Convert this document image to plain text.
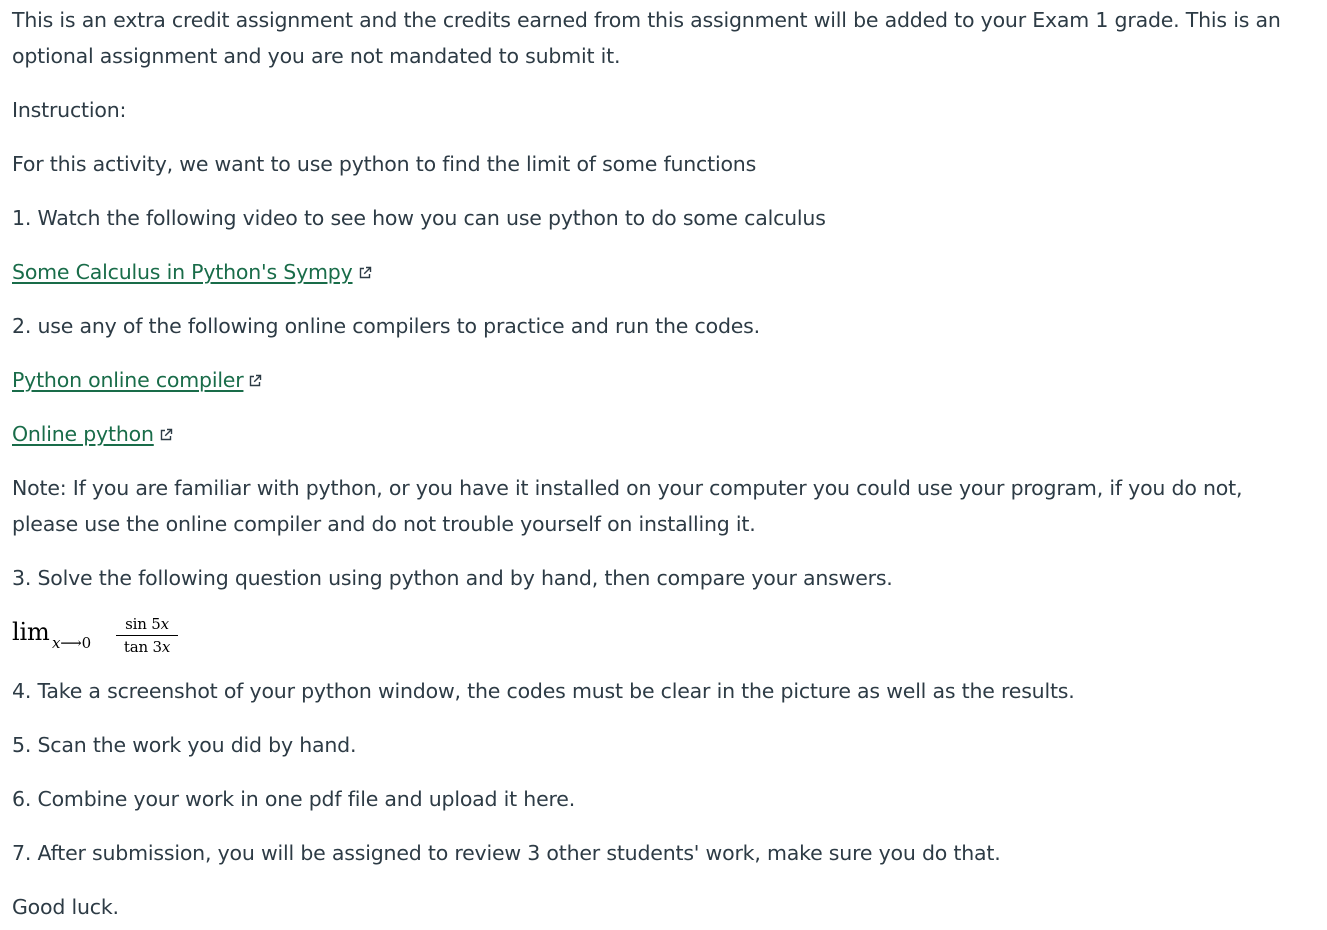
This is an extra credit assignment and the credits earned from this assignment will be added to your Exam 1 grade. This is an
optional assignment and you are not mandated to submit it.
Instruction:
For this activity, we want to use python to find the limit of some functions
1. Watch the following video to see how you can use python to do some calculus
Some Calculus in Python's Sympy
2. use any of the following online compilers to practice and run the codes.
Python online compiler
Online python
Note: If you are familiar with python, or you have it installed on your computer you could use your program, if you do not,
please use the online compiler and do not trouble yourself on installing it.
3. Solve the following question using python and by hand, then compare your answers.
lim x⟶0
sin 5x
tan 3x
4. Take a screenshot of your python window, the codes must be clear in the picture as well as the results.
5. Scan the work you did by hand.
6. Combine your work in one pdf file and upload it here.
7. After submission, you will be assigned to review 3 other students' work, make sure you do that.
Good luck.
